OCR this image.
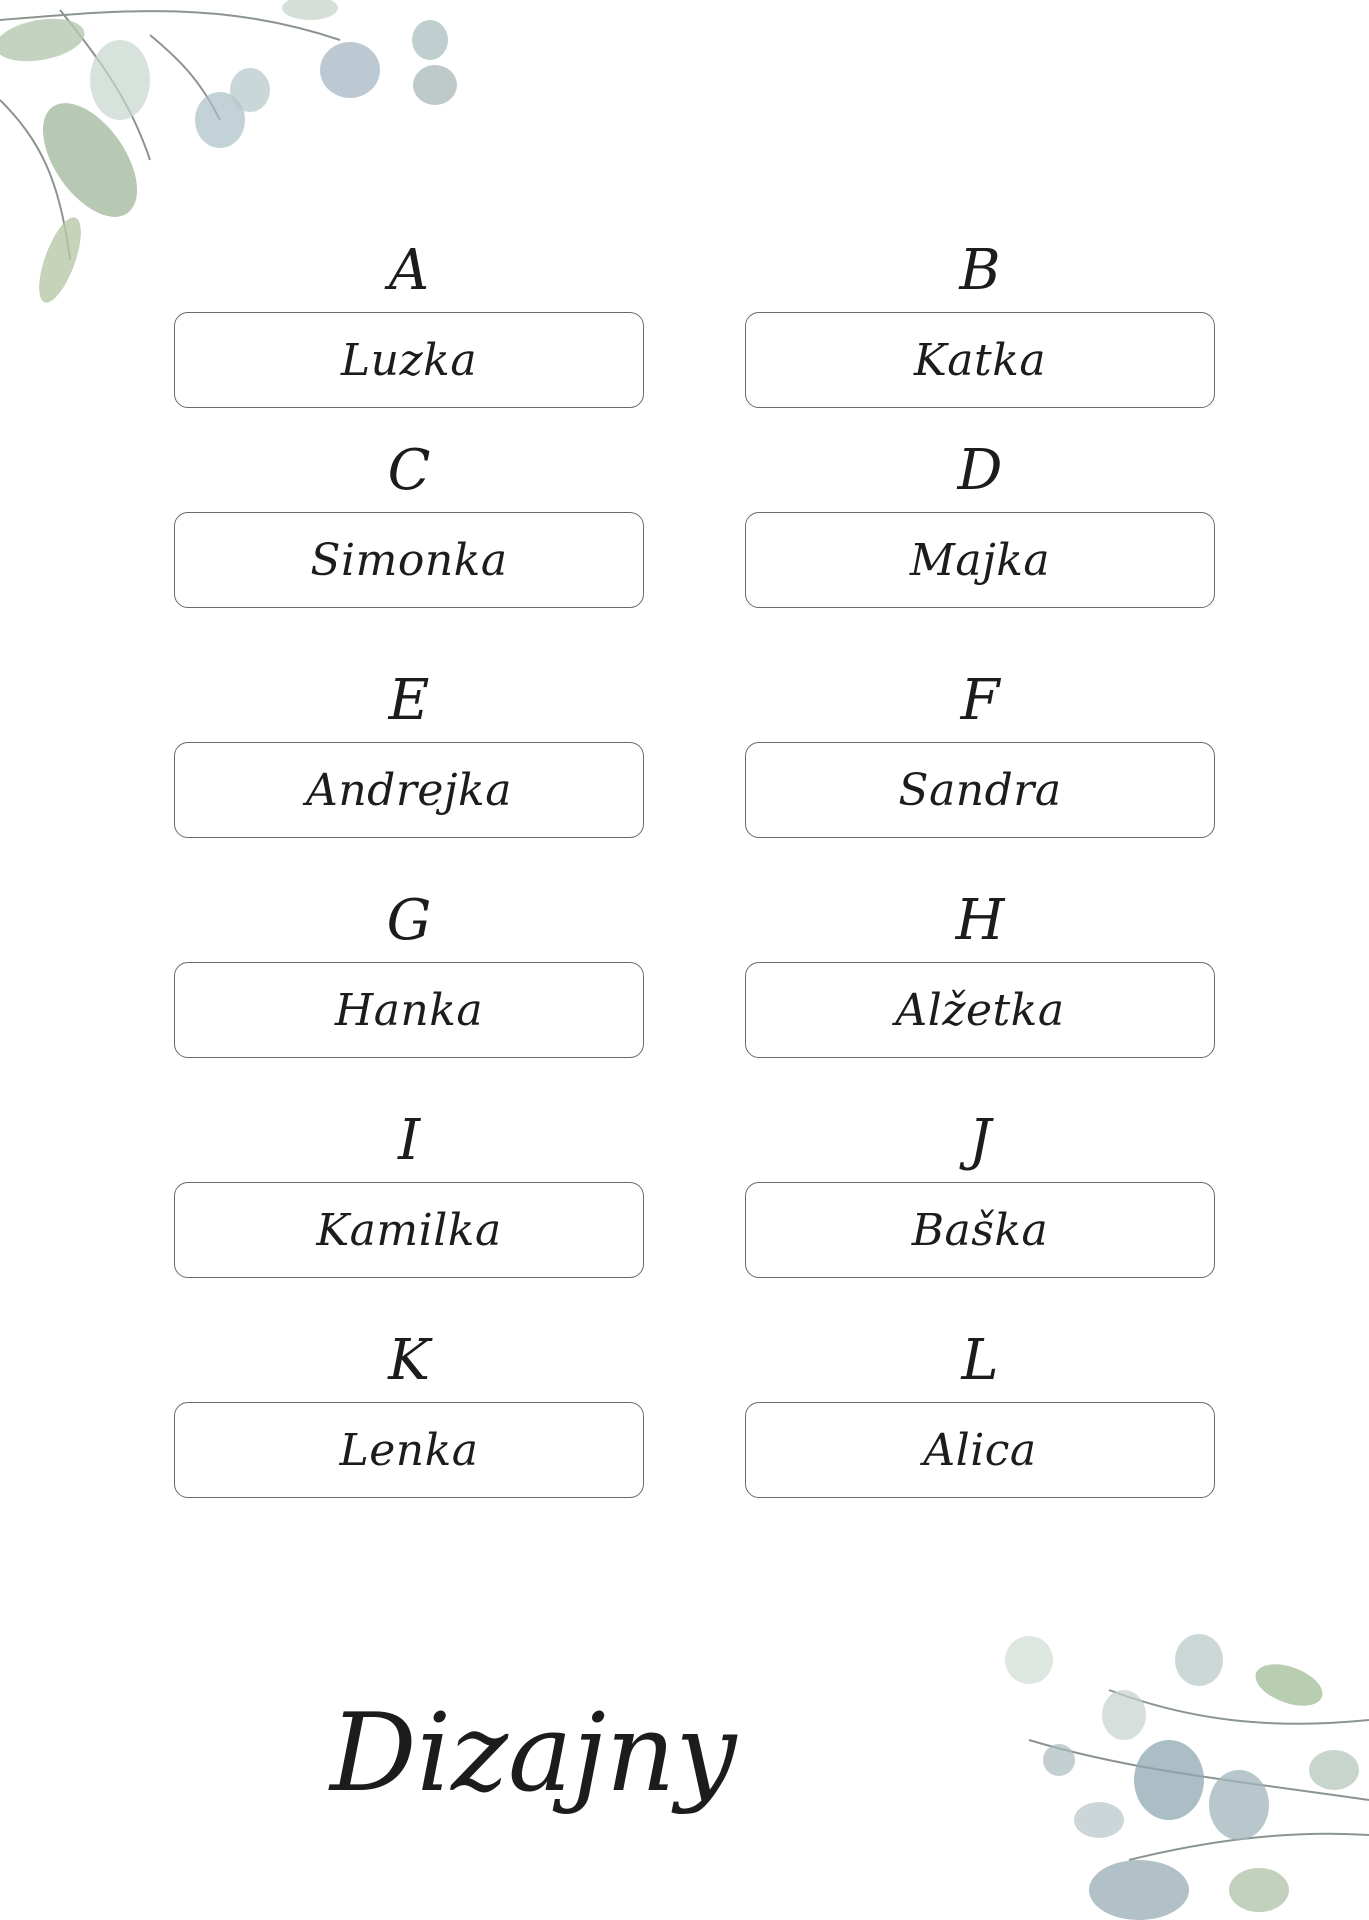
A
Luzka
B
Katka
C
Simonka
D
Majka
E
Andrejka
F
Sandra
G
Hanka
H
Alžetka
I
Kamilka
J
Baška
K
Lenka
L
Alica
Dizajny
